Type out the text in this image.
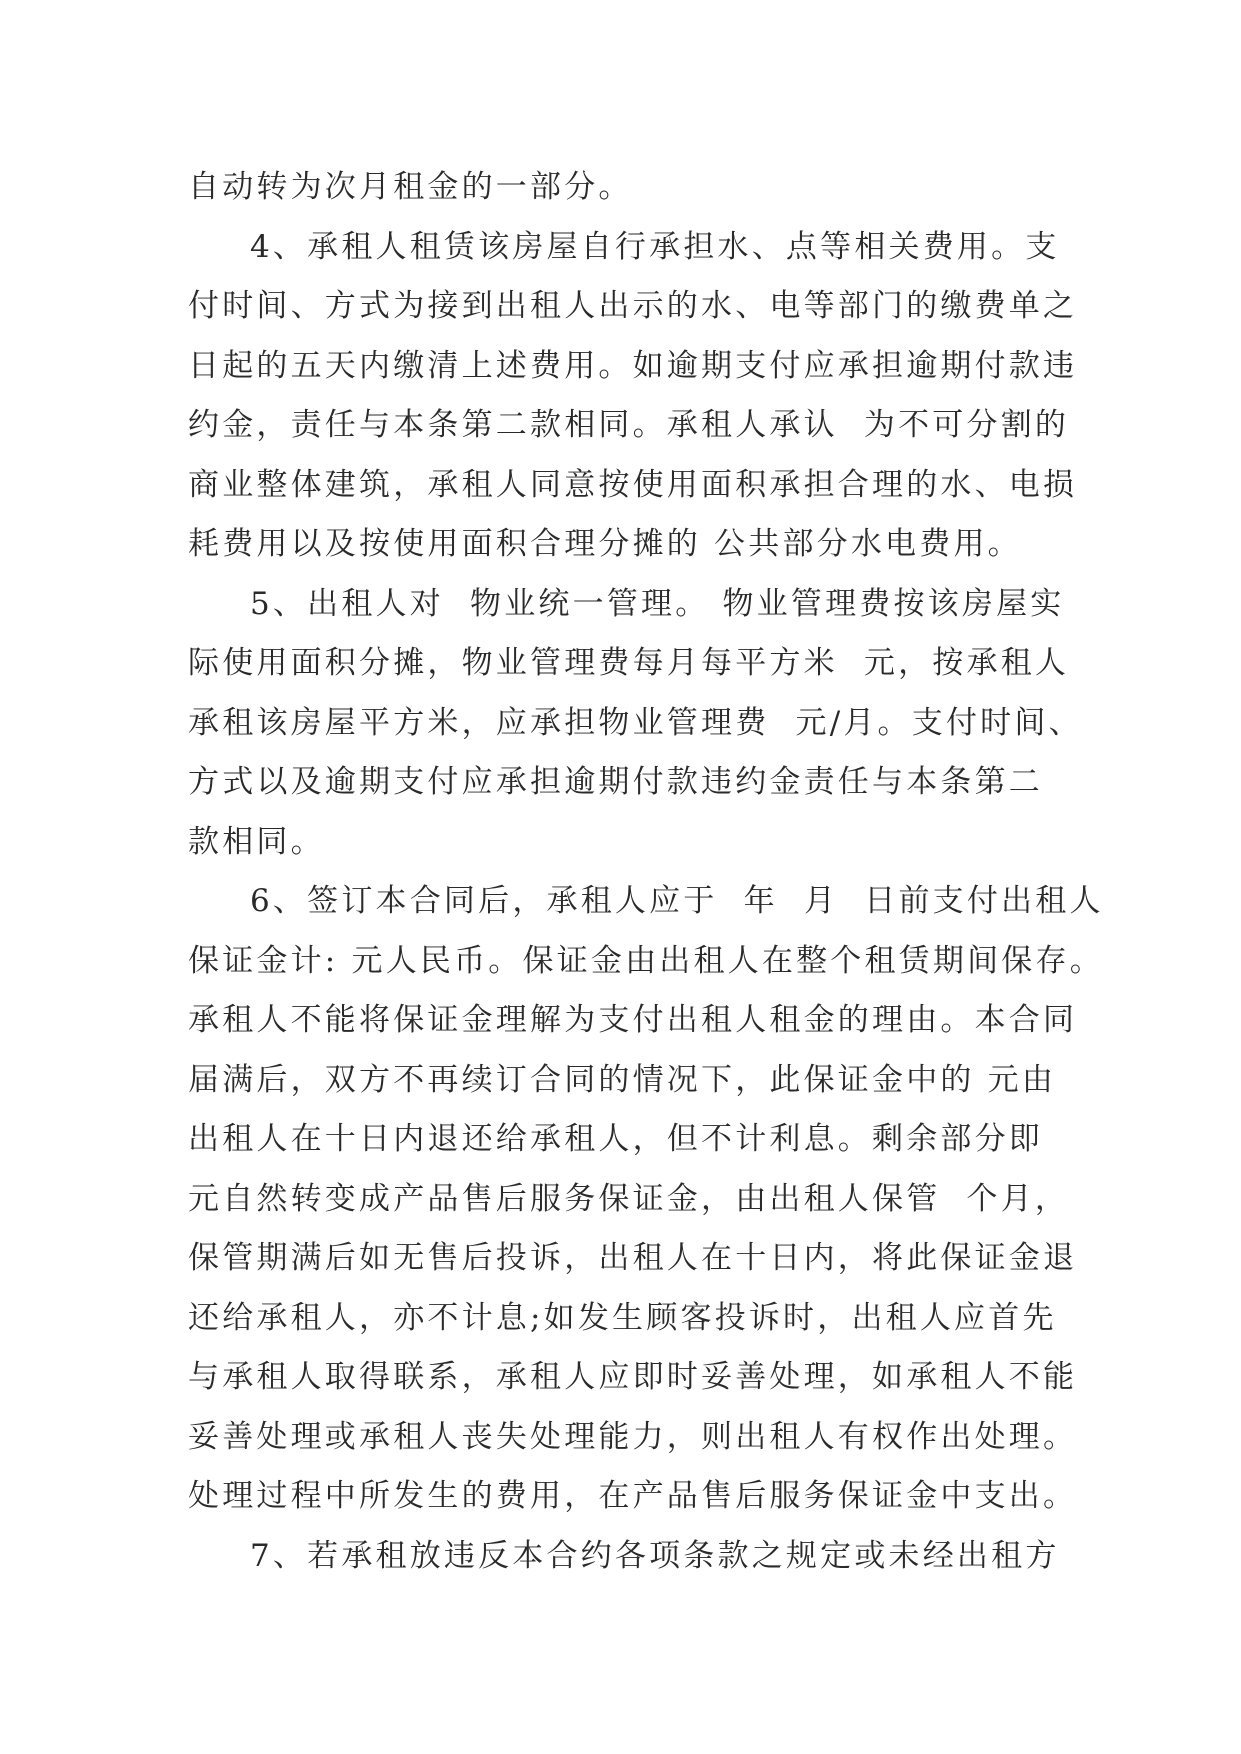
自动转为次月租金的一部分。
4、承租人租赁该房屋自行承担水、点等相关费用。支
付时间、方式为接到出租人出示的水、电等部门的缴费单之
日起的五天内缴清上述费用。如逾期支付应承担逾期付款违
约金，责任与本条第二款相同。承租人承认  为不可分割的
商业整体建筑，承租人同意按使用面积承担合理的水、电损
耗费用以及按使用面积合理分摊的 公共部分水电费用。
5、出租人对  物业统一管理。 物业管理费按该房屋实
际使用面积分摊，物业管理费每月每平方米  元，按承租人
承租该房屋平方米，应承担物业管理费  元/月。支付时间、
方式以及逾期支付应承担逾期付款违约金责任与本条第二
款相同。
6、签订本合同后，承租人应于  年  月  日前支付出租人
保证金计: 元人民币。保证金由出租人在整个租赁期间保存。
承租人不能将保证金理解为支付出租人租金的理由。本合同
届满后，双方不再续订合同的情况下，此保证金中的 元由
出租人在十日内退还给承租人，但不计利息。剩余部分即
元自然转变成产品售后服务保证金，由出租人保管  个月，
保管期满后如无售后投诉，出租人在十日内，将此保证金退
还给承租人，亦不计息;如发生顾客投诉时，出租人应首先
与承租人取得联系，承租人应即时妥善处理，如承租人不能
妥善处理或承租人丧失处理能力，则出租人有权作出处理。
处理过程中所发生的费用，在产品售后服务保证金中支出。
7、若承租放违反本合约各项条款之规定或未经出租方
